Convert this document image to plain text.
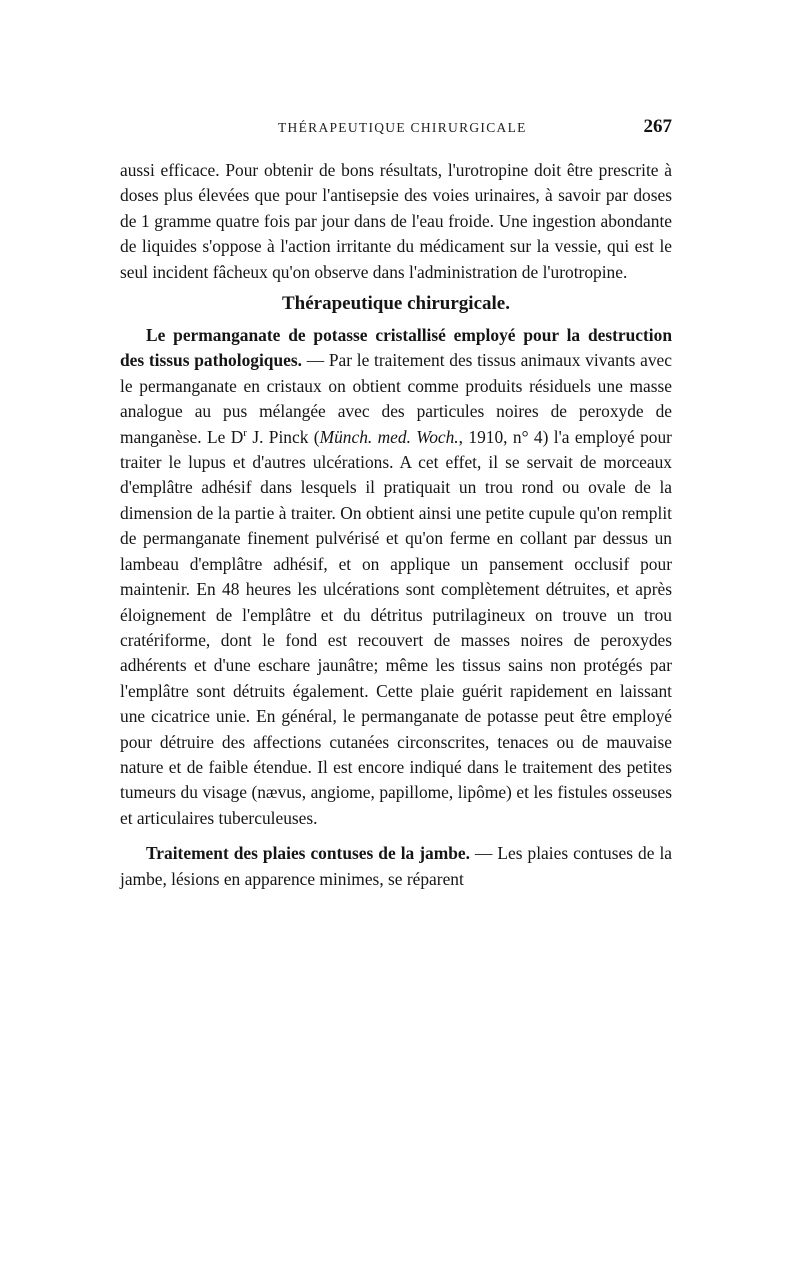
THÉRAPEUTIQUE CHIRURGICALE	267

aussi efficace. Pour obtenir de bons résultats, l'urotropine doit être prescrite à doses plus élevées que pour l'antisepsie des voies urinaires, à savoir par doses de 1 gramme quatre fois par jour dans de l'eau froide. Une ingestion abondante de liquides s'oppose à l'action irritante du médicament sur la vessie, qui est le seul incident fâcheux qu'on observe dans l'administration de l'urotropine.

Thérapeutique chirurgicale.

Le permanganate de potasse cristallisé employé pour la destruction des tissus pathologiques. — Par le traitement des tissus animaux vivants avec le permanganate en cristaux on obtient comme produits résiduels une masse analogue au pus mélangée avec des particules noires de peroxyde de manganèse. Le $D^r$ J. Pinck (Münch. med. Woch., 1910, n° 4) l'a employé pour traiter le lupus et d'autres ulcérations. A cet effet, il se servait de morceaux d'emplâtre adhésif dans lesquels il pratiquait un trou rond ou ovale de la dimension de la partie à traiter. On obtient ainsi une petite cupule qu'on remplit de permanganate finement pulvérisé et qu'on ferme en collant par dessus un lambeau d'emplâtre adhésif, et on applique un pansement occlusif pour maintenir. En 48 heures les ulcérations sont complètement détruites, et après éloignement de l'emplâtre et du détritus putrilagineux on trouve un trou cratériforme, dont le fond est recouvert de masses noires de peroxydes adhérents et d'une eschare jaunâtre; même les tissus sains non protégés par l'emplâtre sont détruits également. Cette plaie guérit rapidement en laissant une cicatrice unie. En général, le permanganate de potasse peut être employé pour détruire des affections cutanées circonscrites, tenaces ou de mauvaise nature et de faible étendue. Il est encore indiqué dans le traitement des petites tumeurs du visage (nævus, angiome, papillome, lipôme) et les fistules osseuses et articulaires tuberculeuses.

Traitement des plaies contuses de la jambe. — Les plaies contuses de la jambe, lésions en apparence minimes, se réparent
